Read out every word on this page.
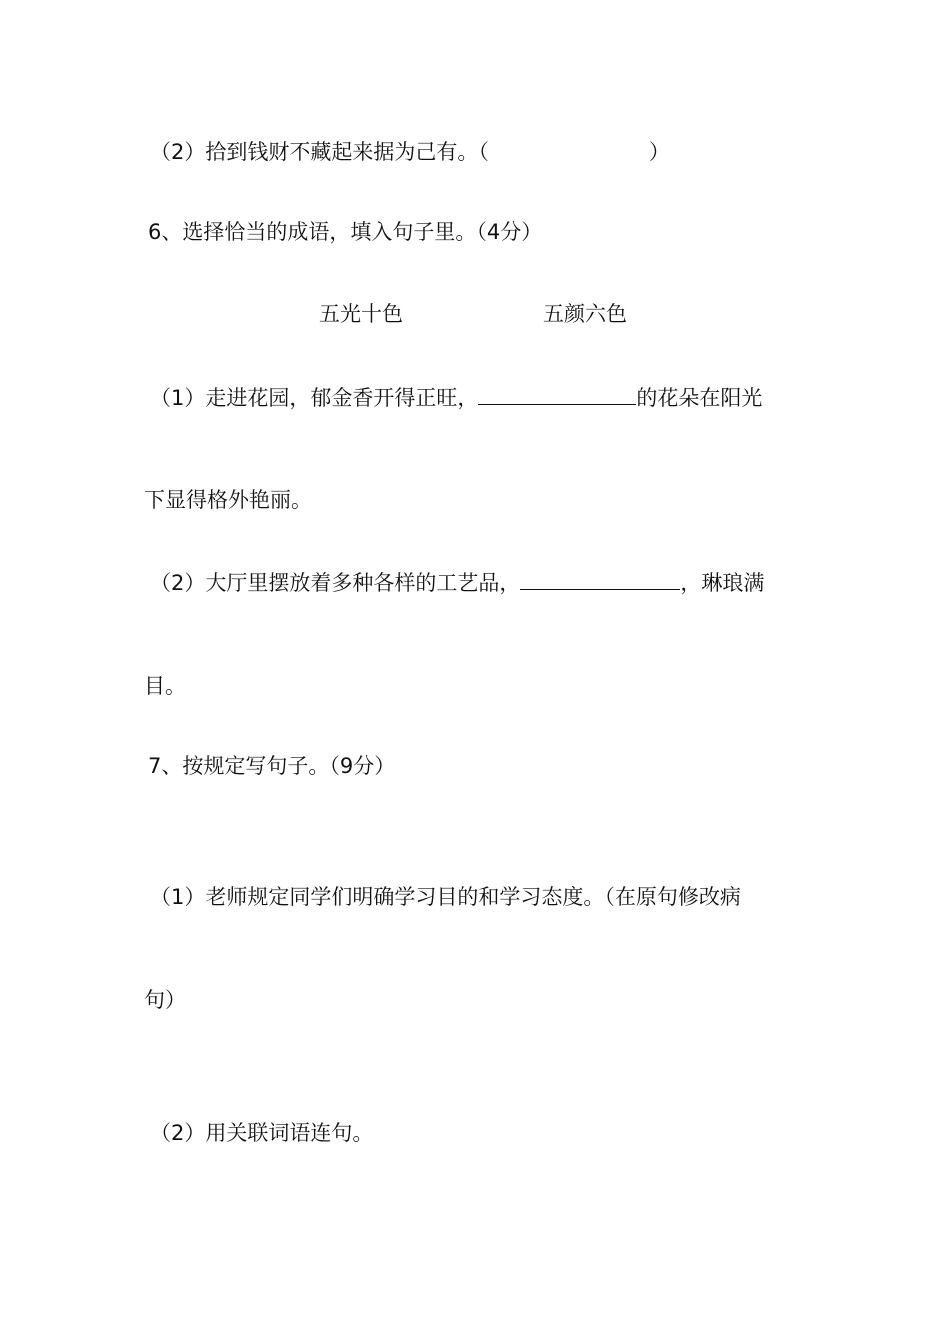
（2）拾到钱财不藏起来据为己有。（	）
6、选择恰当的成语，填入句子里。（4分）
五光十色	五颜六色
（1）走进花园，郁金香开得正旺，	的花朵在阳光
下显得格外艳丽。
（2）大厅里摆放着多种各样的工艺品，	，琳琅满
目。
7、按规定写句子。（9分）
（1）老师规定同学们明确学习目的和学习态度。（在原句修改病
句）
（2）用关联词语连句。
